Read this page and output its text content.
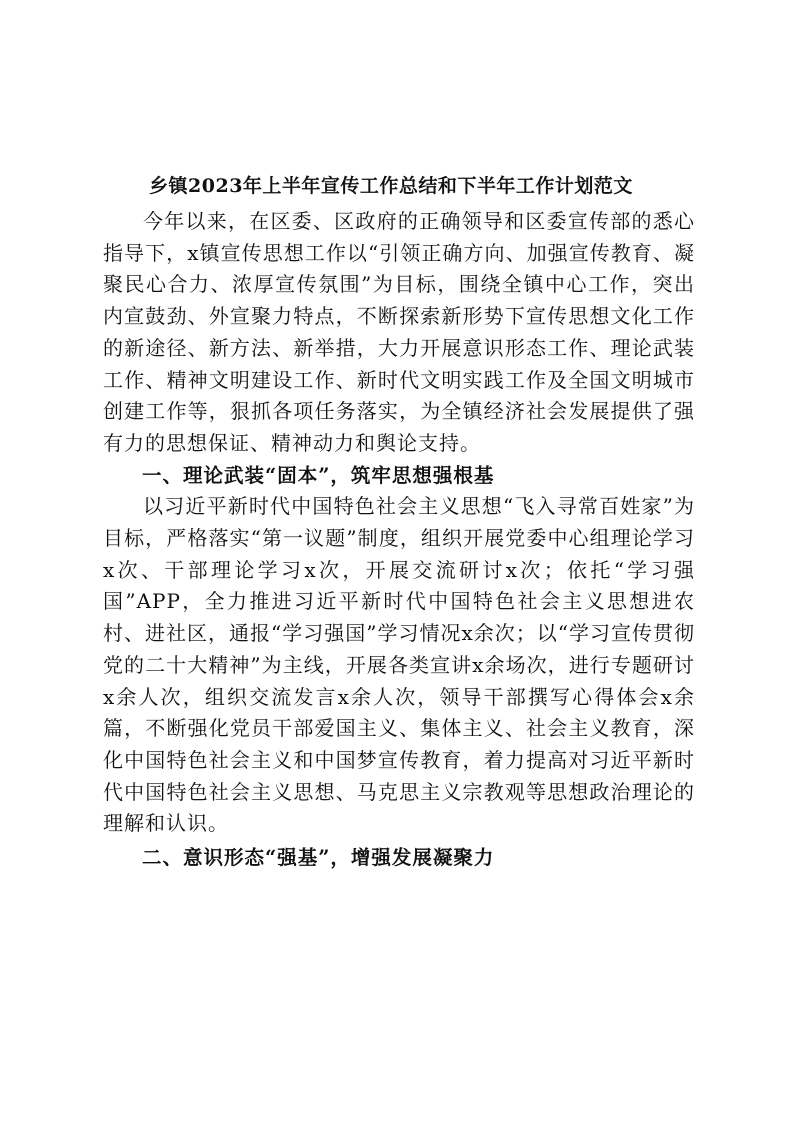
乡镇2023年上半年宣传工作总结和下半年工作计划范文

今年以来，在区委、区政府的正确领导和区委宣传部的悉心指导下，x镇宣传思想工作以“引领正确方向、加强宣传教育、凝聚民心合力、浓厚宣传氛围”为目标，围绕全镇中心工作，突出内宣鼓劲、外宣聚力特点，不断探索新形势下宣传思想文化工作的新途径、新方法、新举措，大力开展意识形态工作、理论武装工作、精神文明建设工作、新时代文明实践工作及全国文明城市创建工作等，狠抓各项任务落实，为全镇经济社会发展提供了强有力的思想保证、精神动力和舆论支持。

一、理论武装“固本”，筑牢思想强根基

以习近平新时代中国特色社会主义思想“飞入寻常百姓家”为目标，严格落实“第一议题”制度，组织开展党委中心组理论学习x次、干部理论学习x次，开展交流研讨x次；依托“学习强国”APP，全力推进习近平新时代中国特色社会主义思想进农村、进社区，通报“学习强国”学习情况x余次；以“学习宣传贯彻党的二十大精神”为主线，开展各类宣讲x余场次，进行专题研讨x余人次，组织交流发言x余人次，领导干部撰写心得体会x余篇，不断强化党员干部爱国主义、集体主义、社会主义教育，深化中国特色社会主义和中国梦宣传教育，着力提高对习近平新时代中国特色社会主义思想、马克思主义宗教观等思想政治理论的理解和认识。

二、意识形态“强基”，增强发展凝聚力
